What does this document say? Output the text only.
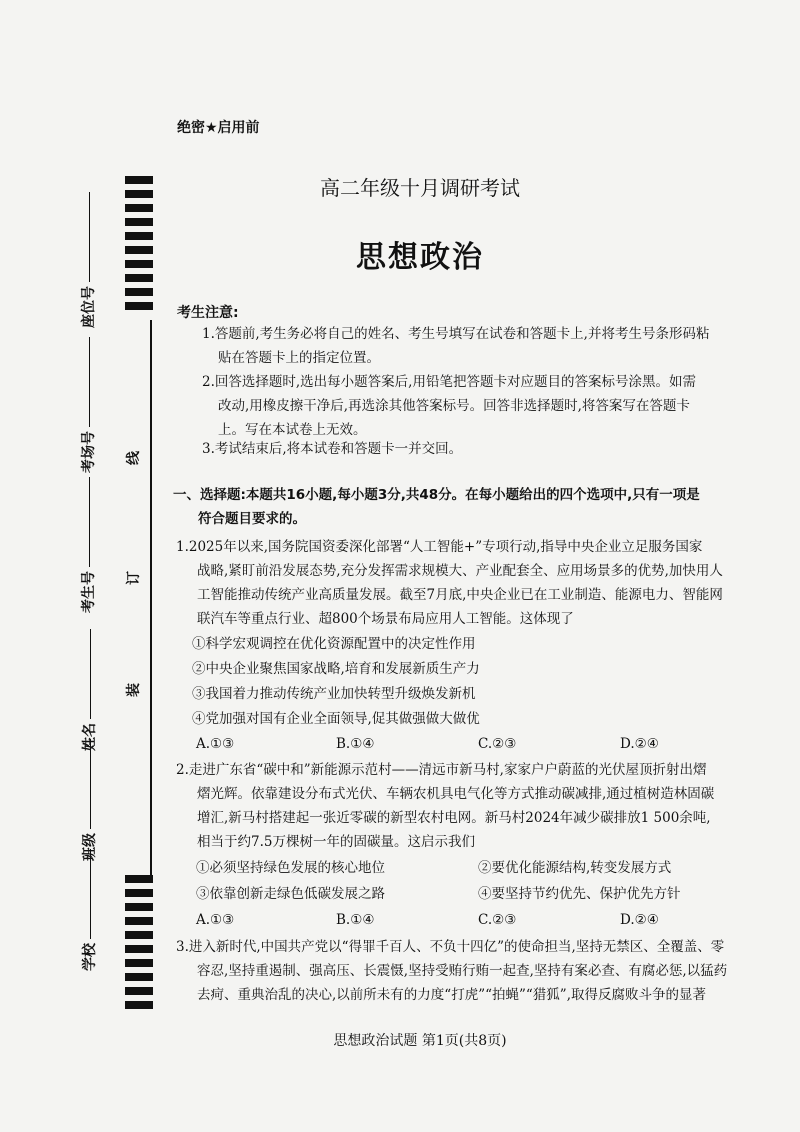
绝密★启用前
高二年级十月调研考试
思想政治
座位号
考场号
考生号
姓名
班级
学校
线
订
装
考生注意:
1.答题前,考生务必将自己的姓名、考生号填写在试卷和答题卡上,并将考生号条形码粘
贴在答题卡上的指定位置。
2.回答选择题时,选出每小题答案后,用铅笔把答题卡对应题目的答案标号涂黑。如需
改动,用橡皮擦干净后,再选涂其他答案标号。回答非选择题时,将答案写在答题卡
上。写在本试卷上无效。
3.考试结束后,将本试卷和答题卡一并交回。
一、选择题:本题共16小题,每小题3分,共48分。在每小题给出的四个选项中,只有一项是
符合题目要求的。
1.2025年以来,国务院国资委深化部署“人工智能+”专项行动,指导中央企业立足服务国家
战略,紧盯前沿发展态势,充分发挥需求规模大、产业配套全、应用场景多的优势,加快用人
工智能推动传统产业高质量发展。截至7月底,中央企业已在工业制造、能源电力、智能网
联汽车等重点行业、超800个场景布局应用人工智能。这体现了
①科学宏观调控在优化资源配置中的决定性作用
②中央企业聚焦国家战略,培育和发展新质生产力
③我国着力推动传统产业加快转型升级焕发新机
④党加强对国有企业全面领导,促其做强做大做优
A.①③	B.①④	C.②③	D.②④
2.走进广东省“碳中和”新能源示范村——清远市新马村,家家户户蔚蓝的光伏屋顶折射出熠
熠光辉。依靠建设分布式光伏、车辆农机具电气化等方式推动碳减排,通过植树造林固碳
增汇,新马村搭建起一张近零碳的新型农村电网。新马村2024年减少碳排放1 500余吨,
相当于约7.5万棵树一年的固碳量。这启示我们
①必须坚持绿色发展的核心地位	②要优化能源结构,转变发展方式
③依靠创新走绿色低碳发展之路	④要坚持节约优先、保护优先方针
A.①③	B.①④	C.②③	D.②④
3.进入新时代,中国共产党以“得罪千百人、不负十四亿”的使命担当,坚持无禁区、全覆盖、零
容忍,坚持重遏制、强高压、长震慑,坚持受贿行贿一起查,坚持有案必查、有腐必惩,以猛药
去疴、重典治乱的决心,以前所未有的力度“打虎”“拍蝇”“猎狐”,取得反腐败斗争的显著
思想政治试题 第1页(共8页)
